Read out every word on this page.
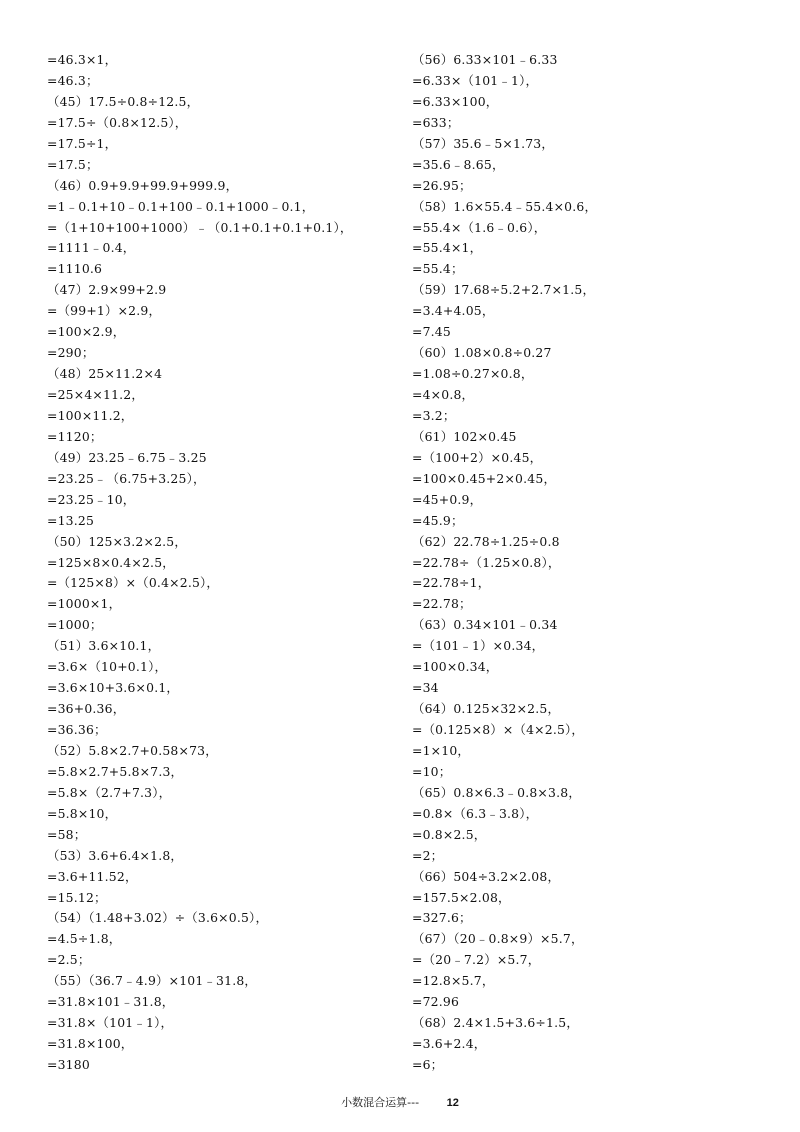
=46.3×1，
=46.3；
（45）17.5÷0.8÷12.5，
=17.5÷（0.8×12.5），
=17.5÷1，
=17.5；
（46）0.9+9.9+99.9+999.9，
=1﹣0.1+10﹣0.1+100﹣0.1+1000﹣0.1，
=（1+10+100+1000）﹣（0.1+0.1+0.1+0.1），
=1111﹣0.4，
=1110.6
（47）2.9×99+2.9
=（99+1）×2.9，
=100×2.9，
=290；
（48）25×11.2×4
=25×4×11.2，
=100×11.2，
=1120；
（49）23.25﹣6.75﹣3.25
=23.25﹣（6.75+3.25），
=23.25﹣10，
=13.25
（50）125×3.2×2.5，
=125×8×0.4×2.5，
=（125×8）×（0.4×2.5），
=1000×1，
=1000；
（51）3.6×10.1，
=3.6×（10+0.1），
=3.6×10+3.6×0.1，
=36+0.36，
=36.36；
（52）5.8×2.7+0.58×73，
=5.8×2.7+5.8×7.3，
=5.8×（2.7+7.3），
=5.8×10，
=58；
（53）3.6+6.4×1.8，
=3.6+11.52，
=15.12；
（54）（1.48+3.02）÷（3.6×0.5），
=4.5÷1.8，
=2.5；
（55）（36.7﹣4.9）×101﹣31.8，
=31.8×101﹣31.8，
=31.8×（101﹣1），
=31.8×100，
=3180
（56）6.33×101﹣6.33
=6.33×（101﹣1），
=6.33×100，
=633；
（57）35.6﹣5×1.73，
=35.6﹣8.65，
=26.95；
（58）1.6×55.4﹣55.4×0.6，
=55.4×（1.6﹣0.6），
=55.4×1，
=55.4；
（59）17.68÷5.2+2.7×1.5，
=3.4+4.05，
=7.45
（60）1.08×0.8÷0.27
=1.08÷0.27×0.8，
=4×0.8，
=3.2；
（61）102×0.45
=（100+2）×0.45，
=100×0.45+2×0.45，
=45+0.9，
=45.9；
（62）22.78÷1.25÷0.8
=22.78÷（1.25×0.8），
=22.78÷1，
=22.78；
（63）0.34×101﹣0.34
=（101﹣1）×0.34，
=100×0.34，
=34
（64）0.125×32×2.5，
=（0.125×8）×（4×2.5），
=1×10，
=10；
（65）0.8×6.3﹣0.8×3.8，
=0.8×（6.3﹣3.8），
=0.8×2.5，
=2；
（66）504÷3.2×2.08，
=157.5×2.08，
=327.6；
（67）（20﹣0.8×9）×5.7，
=（20﹣7.2）×5.7，
=12.8×5.7，
=72.96
（68）2.4×1.5+3.6÷1.5，
=3.6+2.4，
=6；
小数混合运算---	12
